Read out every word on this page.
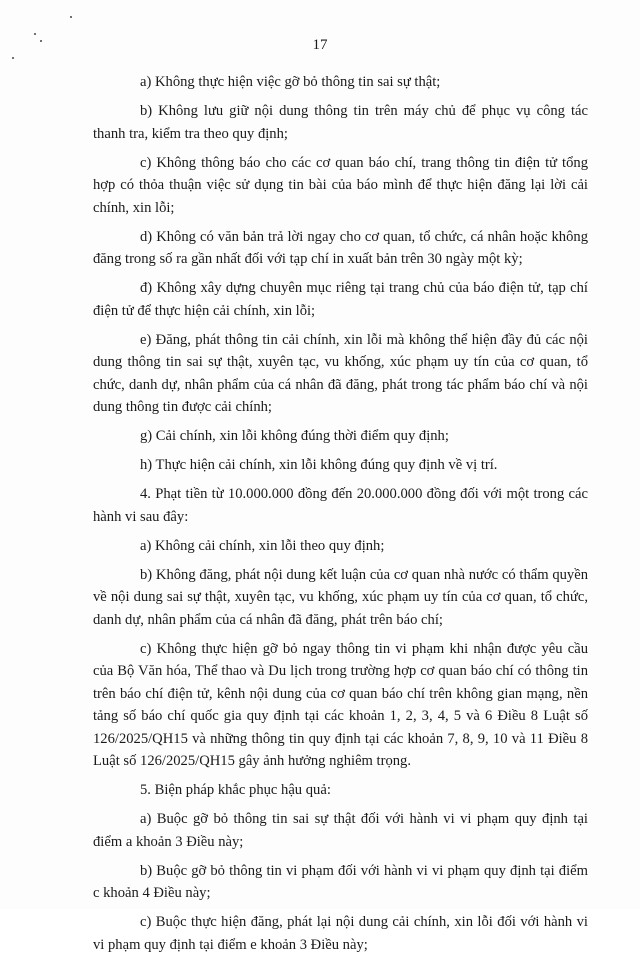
17

a) Không thực hiện việc gỡ bỏ thông tin sai sự thật;

b) Không lưu giữ nội dung thông tin trên máy chủ để phục vụ công tác thanh tra, kiểm tra theo quy định;

c) Không thông báo cho các cơ quan báo chí, trang thông tin điện tử tổng hợp có thỏa thuận việc sử dụng tin bài của báo mình để thực hiện đăng lại lời cải chính, xin lỗi;

d) Không có văn bản trả lời ngay cho cơ quan, tổ chức, cá nhân hoặc không đăng trong số ra gần nhất đối với tạp chí in xuất bản trên 30 ngày một kỳ;

đ) Không xây dựng chuyên mục riêng tại trang chủ của báo điện tử, tạp chí điện tử để thực hiện cải chính, xin lỗi;

e) Đăng, phát thông tin cải chính, xin lỗi mà không thể hiện đầy đủ các nội dung thông tin sai sự thật, xuyên tạc, vu khống, xúc phạm uy tín của cơ quan, tổ chức, danh dự, nhân phẩm của cá nhân đã đăng, phát trong tác phẩm báo chí và nội dung thông tin được cải chính;

g) Cải chính, xin lỗi không đúng thời điểm quy định;

h) Thực hiện cải chính, xin lỗi không đúng quy định về vị trí.

4. Phạt tiền từ 10.000.000 đồng đến 20.000.000 đồng đối với một trong các hành vi sau đây:

a) Không cải chính, xin lỗi theo quy định;

b) Không đăng, phát nội dung kết luận của cơ quan nhà nước có thẩm quyền về nội dung sai sự thật, xuyên tạc, vu khống, xúc phạm uy tín của cơ quan, tổ chức, danh dự, nhân phẩm của cá nhân đã đăng, phát trên báo chí;

c) Không thực hiện gỡ bỏ ngay thông tin vi phạm khi nhận được yêu cầu của Bộ Văn hóa, Thể thao và Du lịch trong trường hợp cơ quan báo chí có thông tin trên báo chí điện tử, kênh nội dung của cơ quan báo chí trên không gian mạng, nền tảng số báo chí quốc gia quy định tại các khoản 1, 2, 3, 4, 5 và 6 Điều 8 Luật số 126/2025/QH15 và những thông tin quy định tại các khoản 7, 8, 9, 10 và 11 Điều 8 Luật số 126/2025/QH15 gây ảnh hưởng nghiêm trọng.

5. Biện pháp khắc phục hậu quả:

a) Buộc gỡ bỏ thông tin sai sự thật đối với hành vi vi phạm quy định tại điểm a khoản 3 Điều này;

b) Buộc gỡ bỏ thông tin vi phạm đối với hành vi vi phạm quy định tại điểm c khoản 4 Điều này;

c) Buộc thực hiện đăng, phát lại nội dung cải chính, xin lỗi đối với hành vi vi phạm quy định tại điểm e khoản 3 Điều này;
